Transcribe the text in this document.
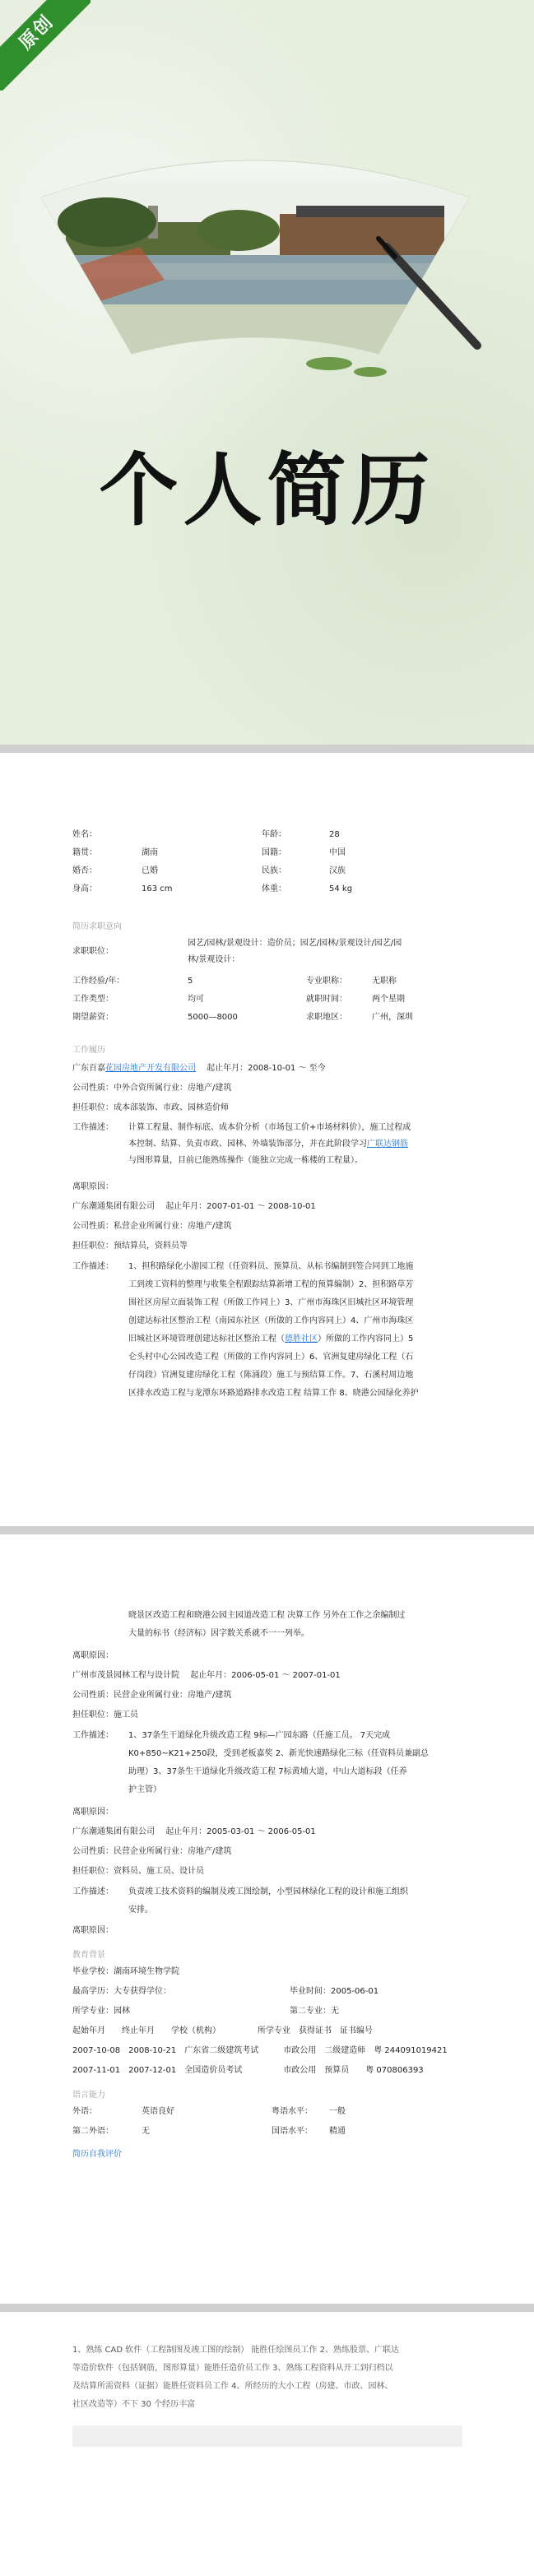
原创
个人简历
姓名：	年龄：	28
籍贯：	湖南	国籍：	中国
婚否：	已婚	民族：	汉族
身高：	163 cm	体重：	54 kg
简历求职意向
求职职位：
园艺/园林/景观设计：造价员；园艺/园林/景观设计/园艺/园
林/景观设计：
工作经验/年：	5	专业职称：	无职称
工作类型：	均可	就职时间：	两个星期
期望薪资：	5000—8000	求职地区：	广州，深圳
工作履历
广东百嘉花园房地产开发有限公司 起止年月：2008-10-01 ～ 至今
公司性质：中外合资所属行业：房地产/建筑
担任职位：成本部装饰、市政、园林造价师
工作描述：	计算工程量、制作标底、成本价分析（市场包工价+市场材料价），施工过程成
本控制、结算、负责市政、园林、外墙装饰部分，并在此阶段学习广联达钢筋
与图形算量，目前已能熟练操作（能独立完成一栋楼的工程量）。
离职原因：
广东潮通集团有限公司 起止年月：2007-01-01 ～ 2008-10-01
公司性质：私营企业所属行业：房地产/建筑
担任职位：预结算员，资料员等
工作描述：	1、担积路绿化小游园工程（任资料员、预算员、从标书编制到签合同到工地施
工到竣工资料的整理与收集全程跟踪结算新增工程的预算编制）2、担积路草芳
围社区房屋立面装饰工程（所做工作同上）3、广州市海珠区旧城社区环境管理
创建达标社区整治工程（南园东社区（所做的工作内容同上）4、广州市海珠区
旧城社区环境管理创建达标社区整治工程（德胜社区）所做的工作内容同上）5
仑头村中心公园改造工程（所做的工作内容同上）6、官洲复建房绿化工程（石
仔岗段）官洲复建房绿化工程（陈涌段）施工与预结算工作。7、石溪村周边地
区排水改造工程与龙潭东环路道路排水改造工程 结算工作 8、晓港公园绿化养护
晓景区改造工程和晓港公园主园道改造工程 决算工作 另外在工作之余编制过
大量的标书（经济标）因字数关系就不一一列举。
离职原因：
广州市茂景园林工程与设计院 起止年月：2006-05-01 ～ 2007-01-01
公司性质：民营企业所属行业：房地产/建筑
担任职位：施工员
工作描述：	1、37条生干道绿化升级改造工程 9标—广园东路（任施工员。 7天完成
K0+850~K21+250段，受到老板嘉奖 2、新光快速路绿化三标（任资料员兼副总
助理）3、37条生干道绿化升级改造工程 7标黄埔大道，中山大道标段（任养
护主管）
离职原因：
广东潮通集团有限公司 起止年月：2005-03-01 ～ 2006-05-01
公司性质：民营企业所属行业：房地产/建筑
担任职位：资料员、施工员、设计员
工作描述：	负责竣工技术资料的编制及竣工图绘制，小型园林绿化工程的设计和施工组织
安排。
离职原因：
教育背景
毕业学校：湖南环境生物学院
最高学历：大专获得学位：	毕业时间：2005-06-01
所学专业：园林	第二专业：无
起始年月　　终止年月　　学校（机构）　　　　　所学专业　获得证书　证书编号
2007-10-08　2008-10-21　广东省二级建筑考试　　　市政公用　二级建造师　粤 244091019421
2007-11-01　2007-12-01　全国造价员考试　　　　　市政公用　预算员　　粤 070806393
语言能力
外语：	英语良好	粤语水平： 一般
第二外语：	无	国语水平： 精通
简历自我评价
1、熟练 CAD 软件（工程制图及竣工图的绘制） 能胜任绘图员工作 2、熟练股票、广联达
等造价软件（包括钢筋，图形算量）能胜任造价员工作 3、熟练工程资料从开工到归档以
及结算所需资料（证据）能胜任资料员工作 4、所经历的大小工程（房建、市政、园林、
社区改造等）不下 30 个经历丰富
